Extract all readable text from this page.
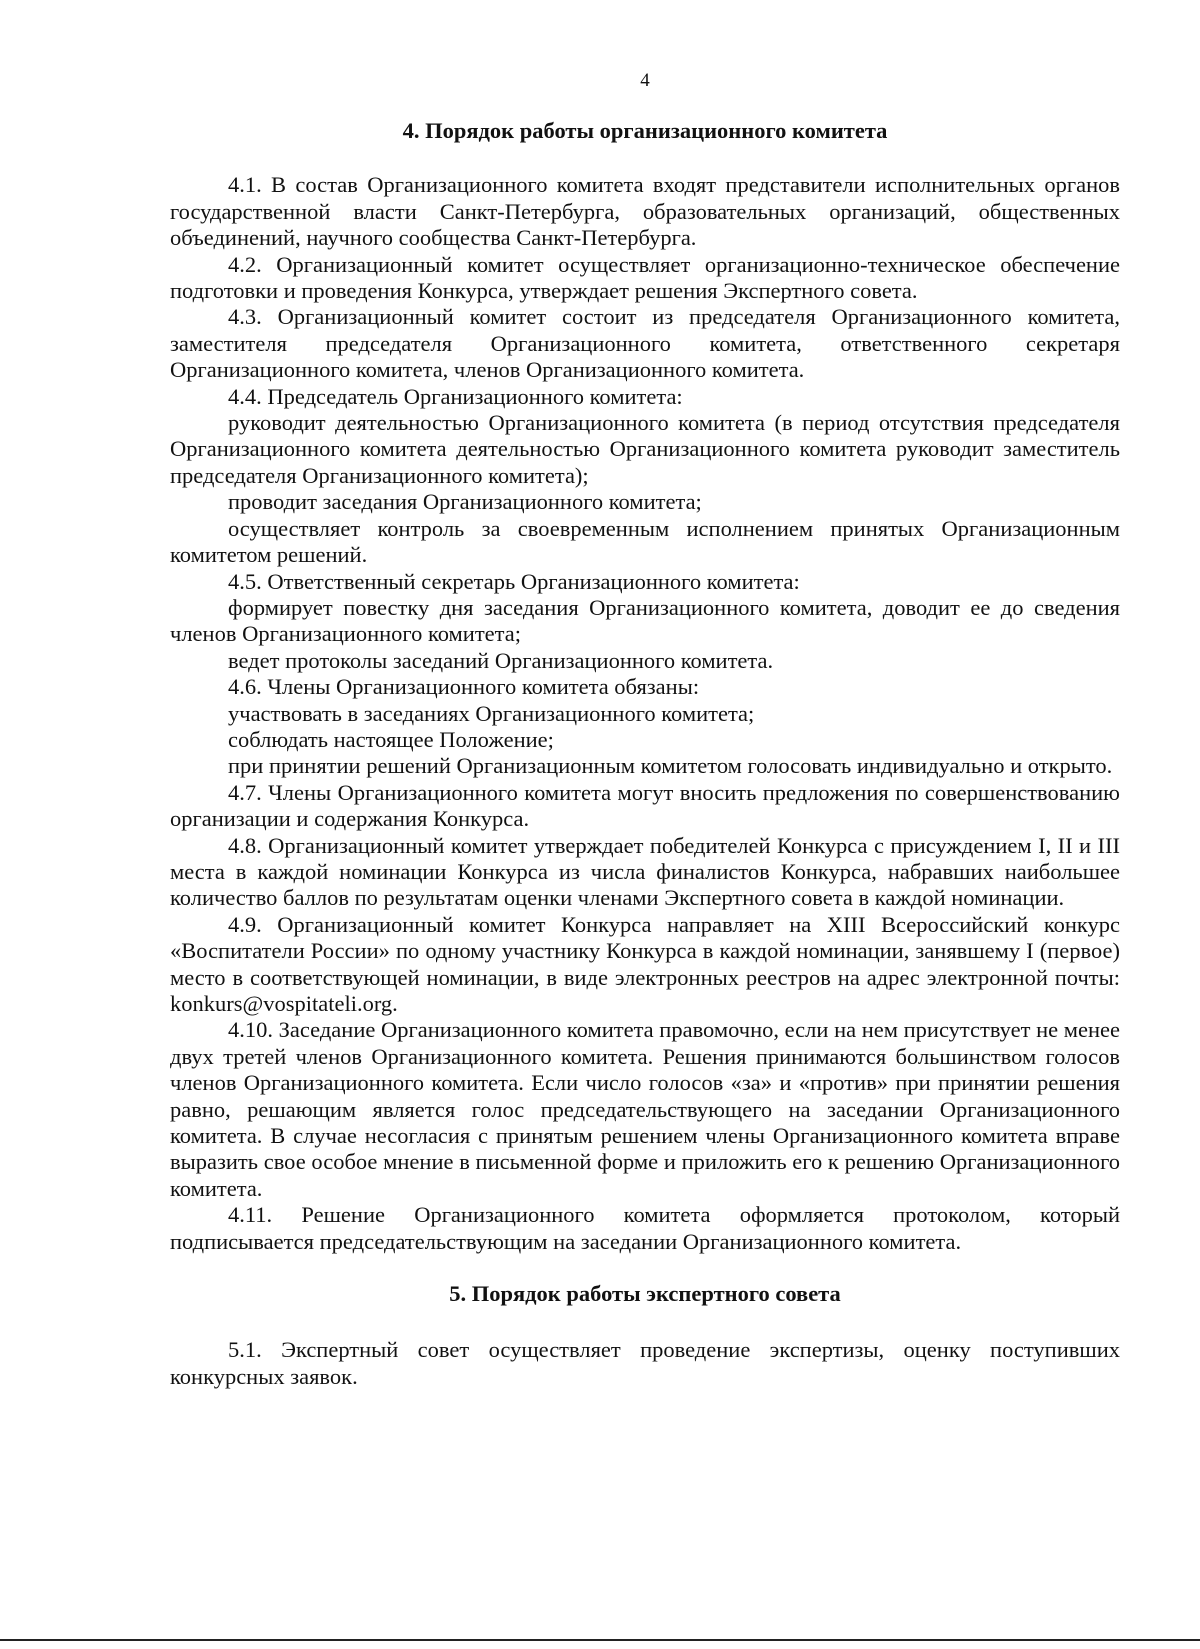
4
4. Порядок работы организационного комитета

4.1. В состав Организационного комитета входят представители исполнительных органов государственной власти Санкт-Петербурга, образовательных организаций, общественных объединений, научного сообщества Санкт-Петербурга.

4.2. Организационный комитет осуществляет организационно-техническое обеспечение подготовки и проведения Конкурса, утверждает решения Экспертного совета.

4.3. Организационный комитет состоит из председателя Организационного комитета, заместителя председателя Организационного комитета, ответственного секретаря Организационного комитета, членов Организационного комитета.

4.4. Председатель Организационного комитета:

руководит деятельностью Организационного комитета (в период отсутствия председателя Организационного комитета деятельностью Организационного комитета руководит заместитель председателя Организационного комитета);

проводит заседания Организационного комитета;

осуществляет контроль за своевременным исполнением принятых Организационным комитетом решений.

4.5. Ответственный секретарь Организационного комитета:

формирует повестку дня заседания Организационного комитета, доводит ее до сведения членов Организационного комитета;

ведет протоколы заседаний Организационного комитета.

4.6. Члены Организационного комитета обязаны:

участвовать в заседаниях Организационного комитета;

соблюдать настоящее Положение;

при принятии решений Организационным комитетом голосовать индивидуально и открыто.

4.7. Члены Организационного комитета могут вносить предложения по совершенствованию организации и содержания Конкурса.

4.8. Организационный комитет утверждает победителей Конкурса с присуждением I, II и III места в каждой номинации Конкурса из числа финалистов Конкурса, набравших наибольшее количество баллов по результатам оценки членами Экспертного совета в каждой номинации.

4.9. Организационный комитет Конкурса направляет на XIII Всероссийский конкурс «Воспитатели России» по одному участнику Конкурса в каждой номинации, занявшему I (первое) место в соответствующей номинации, в виде электронных реестров на адрес электронной почты: konkurs@vospitateli.org.

4.10. Заседание Организационного комитета правомочно, если на нем присутствует не менее двух третей членов Организационного комитета. Решения принимаются большинством голосов членов Организационного комитета. Если число голосов «за» и «против» при принятии решения равно, решающим является голос председательствующего на заседании Организационного комитета. В случае несогласия с принятым решением члены Организационного комитета вправе выразить свое особое мнение в письменной форме и приложить его к решению Организационного комитета.

4.11. Решение Организационного комитета оформляется протоколом, который подписывается председательствующим на заседании Организационного комитета.

5. Порядок работы экспертного совета

5.1. Экспертный совет осуществляет проведение экспертизы, оценку поступивших конкурсных заявок.
